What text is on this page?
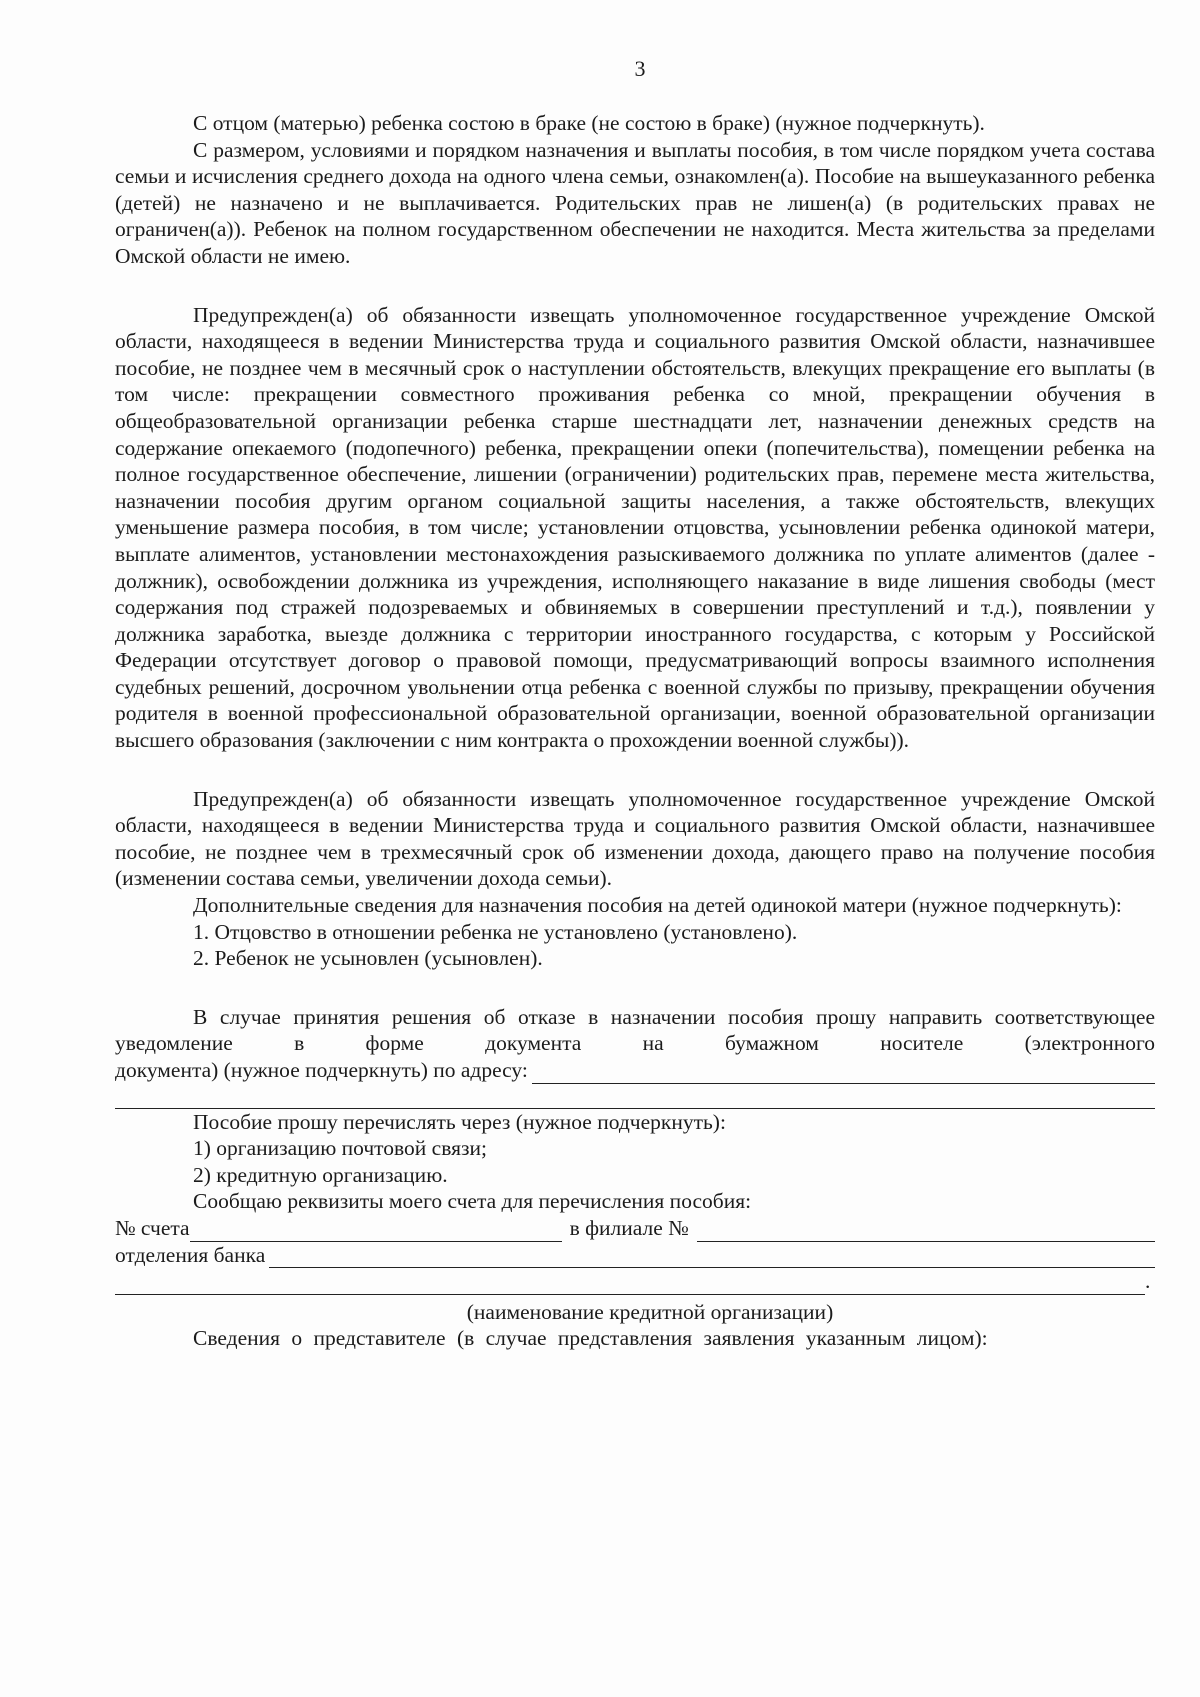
3

С отцом (матерью) ребенка состою в браке (не состою в браке) (нужное подчеркнуть).

С размером, условиями и порядком назначения и выплаты пособия, в том числе порядком учета состава семьи и исчисления среднего дохода на одного члена семьи, ознакомлен(а). Пособие на вышеуказанного ребенка (детей) не назначено и не выплачивается. Родительских прав не лишен(а) (в родительских правах не ограничен(а)). Ребенок на полном государственном обеспечении не находится. Места жительства за пределами Омской области не имею.

Предупрежден(а) об обязанности извещать уполномоченное государственное учреждение Омской области, находящееся в ведении Министерства труда и социального развития Омской области, назначившее пособие, не позднее чем в месячный срок о наступлении обстоятельств, влекущих прекращение его выплаты (в том числе: прекращении совместного проживания ребенка со мной, прекращении обучения в общеобразовательной организации ребенка старше шестнадцати лет, назначении денежных средств на содержание опекаемого (подопечного) ребенка, прекращении опеки (попечительства), помещении ребенка на полное государственное обеспечение, лишении (ограничении) родительских прав, перемене места жительства, назначении пособия другим органом социальной защиты населения, а также обстоятельств, влекущих уменьшение размера пособия, в том числе; установлении отцовства, усыновлении ребенка одинокой матери, выплате алиментов, установлении местонахождения разыскиваемого должника по уплате алиментов (далее - должник), освобождении должника из учреждения, исполняющего наказание в виде лишения свободы (мест содержания под стражей подозреваемых и обвиняемых в совершении преступлений и т.д.), появлении у должника заработка, выезде должника с территории иностранного государства, с которым у Российской Федерации отсутствует договор о правовой помощи, предусматривающий вопросы взаимного исполнения судебных решений, досрочном увольнении отца ребенка с военной службы по призыву, прекращении обучения родителя в военной профессиональной образовательной организации, военной образовательной организации высшего образования (заключении с ним контракта о прохождении военной службы)).

Предупрежден(а) об обязанности извещать уполномоченное государственное учреждение Омской области, находящееся в ведении Министерства труда и социального развития Омской области, назначившее пособие, не позднее чем в трехмесячный срок об изменении дохода, дающего право на получение пособия (изменении состава семьи, увеличении дохода семьи).

Дополнительные сведения для назначения пособия на детей одинокой матери (нужное подчеркнуть):

1. Отцовство в отношении ребенка не установлено (установлено).

2. Ребенок не усыновлен (усыновлен).

В случае принятия решения об отказе в назначении пособия прошу направить соответствующее уведомление в форме документа на бумажном носителе (электронного

документа) (нужное подчеркнуть) по адресу:

Пособие прошу перечислять через (нужное подчеркнуть):

1) организацию почтовой связи;

2) кредитную организацию.

Сообщаю реквизиты моего счета для перечисления пособия:

№ счета	в филиале №
отделения банка
.

(наименование кредитной организации)

Сведения о представителе (в случае представления заявления указанным лицом):
